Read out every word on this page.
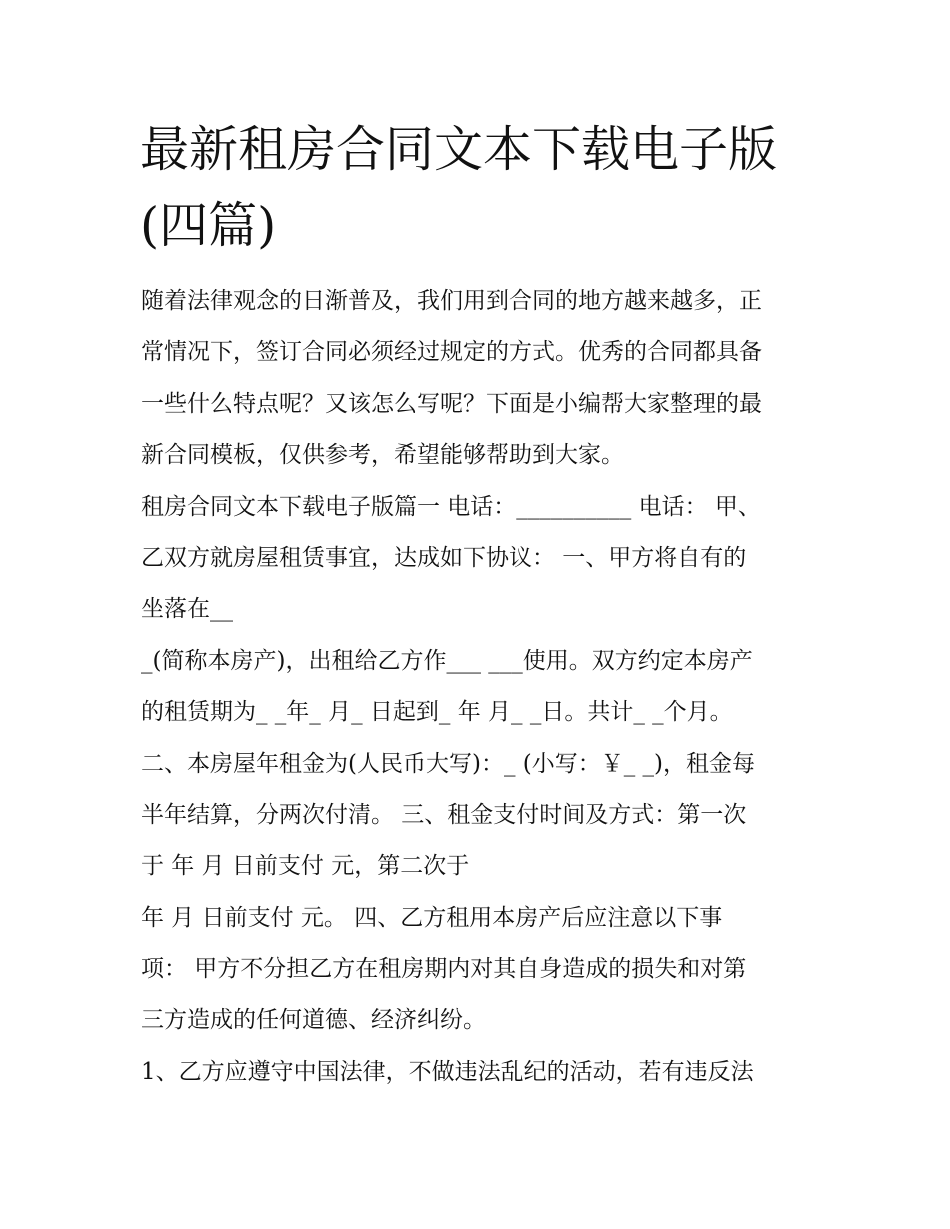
最新租房合同文本下载电子版
(四篇)
随着法律观念的日渐普及，我们用到合同的地方越来越多，正
常情况下，签订合同必须经过规定的方式。优秀的合同都具备
一些什么特点呢？又该怎么写呢？下面是小编帮大家整理的最
新合同模板，仅供参考，希望能够帮助到大家。
租房合同文本下载电子版篇一 电话：__________ 电话： 甲、
乙双方就房屋租赁事宜，达成如下协议： 一、甲方将自有的
坐落在__
_(简称本房产)，出租给乙方作___ ___使用。双方约定本房产
的租赁期为_ _年_ 月_ 日起到_ 年 月_ _日。共计_ _个月。
二、本房屋年租金为(人民币大写)：_ (小写：￥_ _)，租金每
半年结算，分两次付清。 三、租金支付时间及方式：第一次
于 年 月 日前支付 元，第二次于
年 月 日前支付 元。 四、乙方租用本房产后应注意以下事
项： 甲方不分担乙方在租房期内对其自身造成的损失和对第
三方造成的任何道德、经济纠纷。
1、乙方应遵守中国法律，不做违法乱纪的活动，若有违反法
